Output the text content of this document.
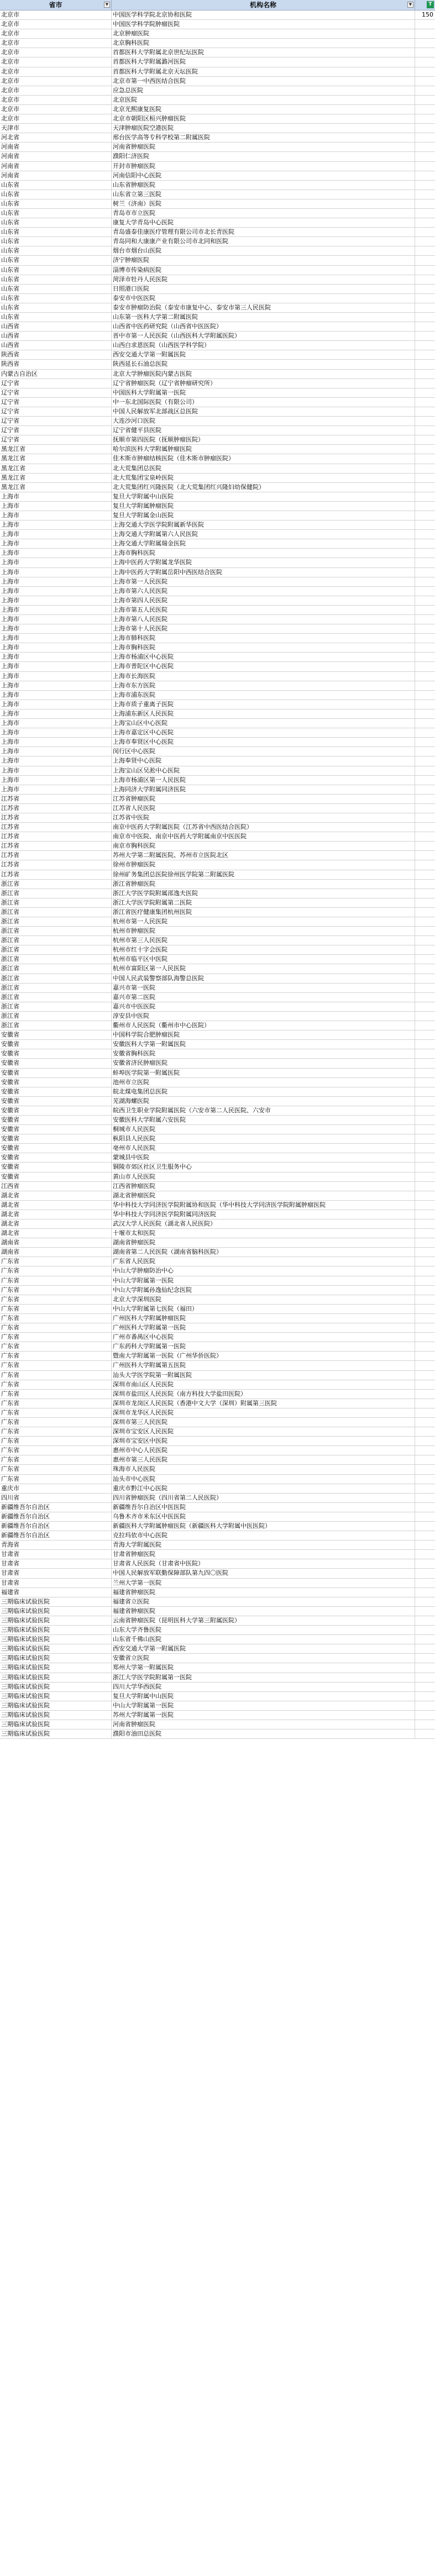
省市	▼	机构名称	▼	T
北京市	中国医学科学院北京协和医院	150
北京市	中国医学科学院肿瘤医院
北京市	北京肿瘤医院
北京市	北京胸科医院
北京市	首都医科大学附属北京世纪坛医院
北京市	首都医科大学附属潞河医院
北京市	首都医科大学附属北京天坛医院
北京市	北京市第一中西医结合医院
北京市	应急总医院
北京市	北京医院
北京市	北京光熙康复医院
北京市	北京市朝阳区桓兴肿瘤医院
天津市	天津肿瘤医院空港医院
河北省	邢台医学高等专科学校第二附属医院
河南省	河南省肿瘤医院
河南省	濮阳仁济医院
河南省	开封市肿瘤医院
河南省	河南信阳中心医院
山东省	山东省肿瘤医院
山东省	山东省立第三医院
山东省	树兰（济南）医院
山东省	青岛市市立医院
山东省	康复大学青岛中心医院
山东省	青岛盛泰佳康医疗管理有限公司市北长青医院
山东省	青岛同和大康康产业有限公司市北同和医院
山东省	烟台市烟台山医院
山东省	济宁肿瘤医院
山东省	淄博市传染病医院
山东省	菏泽市牡丹人民医院
山东省	日照港口医院
山东省	泰安市中医医院
山东省	泰安市肿瘤防治院（泰安市康复中心、泰安市第三人民医院
山东省	山东第一医科大学第二附属医院
山西省	山西省中医药研究院（山西省中医医院）
山西省	晋中市第一人民医院（山西医科大学附属医院）
山西省	山西白求恩医院（山西医学科学院）
陕西省	西安交通大学第一附属医院
陕西省	陕西延长石油总医院
内蒙古自治区	北京大学肿瘤医院内蒙古医院
辽宁省	辽宁省肿瘤医院（辽宁省肿瘤研究所）
辽宁省	中国医科大学附属第一医院
辽宁省	中一东北国际医院（有限公司）
辽宁省	中国人民解放军北部战区总医院
辽宁省	大连沙河口医院
辽宁省	辽宁省健平县医院
辽宁省	抚顺市第四医院（抚顺肿瘤医院）
黑龙江省	哈尔滨医科大学附属肿瘤医院
黑龙江省	佳木斯市肿瘤结核医院（佳木斯市肿瘤医院）
黑龙江省	北大荒集团总医院
黑龙江省	北大荒集团宝泉岭医院
黑龙江省	北大荒集团红兴隆医院（北大荒集团红兴隆妇幼保健院）
上海市	复旦大学附属中山医院
上海市	复旦大学附属肿瘤医院
上海市	复旦大学附属金山医院
上海市	上海交通大学医学院附属新华医院
上海市	上海交通大学附属第六人民医院
上海市	上海交通大学附属瑞金医院
上海市	上海市胸科医院
上海市	上海中医药大学附属龙华医院
上海市	上海中医药大学附属岳阳中西医结合医院
上海市	上海市第一人民医院
上海市	上海市第六人民医院
上海市	上海市第四人民医院
上海市	上海市第五人民医院
上海市	上海市第八人民医院
上海市	上海市第十人民医院
上海市	上海市肺科医院
上海市	上海市胸科医院
上海市	上海市杨浦区中心医院
上海市	上海市普陀区中心医院
上海市	上海市长海医院
上海市	上海市东方医院
上海市	上海市浦东医院
上海市	上海市质子重离子医院
上海市	上海浦东新区人民医院
上海市	上海宝山区中心医院
上海市	上海市嘉定区中心医院
上海市	上海市奉贤区中心医院
上海市	闵行区中心医院
上海市	上海奉贤中心医院
上海市	上海宝山区吴淞中心医院
上海市	上海市杨浦区第一人民医院
上海市	上海同济大学附属同济医院
江苏省	江苏省肿瘤医院
江苏省	江苏省人民医院
江苏省	江苏省中医院
江苏省	南京中医药大学附属医院（江苏省中西医结合医院）
江苏省	南京市中医院、南京中医药大学附属南京中医医院
江苏省	南京市胸科医院
江苏省	苏州大学第二附属医院、苏州市立医院北区
江苏省	徐州市肿瘤医院
江苏省	徐州矿务集团总医院徐州医学院第二附属医院
浙江省	浙江省肿瘤医院
浙江省	浙江大学医学院附属邵逸夫医院
浙江省	浙江大学医学院附属第二医院
浙江省	浙江省医疗健康集团杭州医院
浙江省	杭州市第一人民医院
浙江省	杭州市肿瘤医院
浙江省	杭州市第三人民医院
浙江省	杭州市红十字会医院
浙江省	杭州市临平区中医院
浙江省	杭州市富阳区第一人民医院
浙江省	中国人民武装警察部队海警总医院
浙江省	嘉兴市第一医院
浙江省	嘉兴市第二医院
浙江省	嘉兴市中医医院
浙江省	淳安县中医院
浙江省	衢州市人民医院（衢州市中心医院）
安徽省	中国科学院合肥肿瘤医院
安徽省	安徽医科大学第一附属医院
安徽省	安徽省胸科医院
安徽省	安徽省济民肿瘤医院
安徽省	蚌埠医学院第一附属医院
安徽省	池州市立医院
安徽省	皖北煤电集团总医院
安徽省	芜湖海螺医院
安徽省	皖西卫生职业学院附属医院（六安市第二人民医院、六安市
安徽省	安徽医科大学附属六安医院
安徽省	桐城市人民医院
安徽省	枞阳县人民医院
安徽省	亳州市人民医院
安徽省	蒙城县中医院
安徽省	铜陵市郊区社区卫生服务中心
安徽省	黄山市人民医院
江西省	江西省肿瘤医院
湖北省	湖北省肿瘤医院
湖北省	华中科技大学同济医学院附属协和医院（华中科技大学同济医学院附属肿瘤医院
湖北省	华中科技大学同济医学院附属同济医院
湖北省	武汉大学人民医院（湖北省人民医院）
湖北省	十堰市太和医院
湖南省	湖南省肿瘤医院
湖南省	湖南省第二人民医院（湖南省脑科医院）
广东省	广东省人民医院
广东省	中山大学肿瘤防治中心
广东省	中山大学附属第一医院
广东省	中山大学附属孙逸仙纪念医院
广东省	北京大学深圳医院
广东省	中山大学附属第七医院（福田）
广东省	广州医科大学附属肿瘤医院
广东省	广州医科大学附属第一医院
广东省	广州市番禺区中心医院
广东省	广东药科大学附属第一医院
广东省	暨南大学附属第一医院（广州华侨医院）
广东省	广州医科大学附属第五医院
广东省	汕头大学医学院第一附属医院
广东省	深圳市南山区人民医院
广东省	深圳市盐田区人民医院（南方科技大学盐田医院）
广东省	深圳市龙岗区人民医院（香港中文大学（深圳）附属第三医院
广东省	深圳市龙华区人民医院
广东省	深圳市第三人民医院
广东省	深圳市宝安区人民医院
广东省	深圳市宝安区中医院
广东省	惠州市中心人民医院
广东省	惠州市第三人民医院
广东省	珠海市人民医院
广东省	汕头市中心医院
重庆市	重庆市黔江中心医院
四川省	四川省肿瘤医院（四川省第二人民医院）
新疆维吾尔自治区	新疆维吾尔自治区中医医院
新疆维吾尔自治区	乌鲁木齐市米东区中医医院
新疆维吾尔自治区	新疆医科大学附属肿瘤医院（新疆医科大学附属中医医院）
新疆维吾尔自治区	克拉玛依市中心医院
青海省	青海大学附属医院
甘肃省	甘肃省肿瘤医院
甘肃省	甘肃省人民医院（甘肃省中医院）
甘肃省	中国人民解放军联勤保障部队第九四〇医院
甘肃省	兰州大学第一医院
福建省	福建省肿瘤医院
三期临床试验医院	福建省立医院
三期临床试验医院	福建省肿瘤医院
三期临床试验医院	云南省肿瘤医院（昆明医科大学第三附属医院）
三期临床试验医院	山东大学齐鲁医院
三期临床试验医院	山东省千佛山医院
三期临床试验医院	西安交通大学第一附属医院
三期临床试验医院	安徽省立医院
三期临床试验医院	郑州大学第一附属医院
三期临床试验医院	浙江大学医学院附属第一医院
三期临床试验医院	四川大学华西医院
三期临床试验医院	复旦大学附属中山医院
三期临床试验医院	中山大学附属第一医院
三期临床试验医院	苏州大学附属第一医院
三期临床试验医院	河南省肿瘤医院
三期临床试验医院	濮阳市油田总医院
